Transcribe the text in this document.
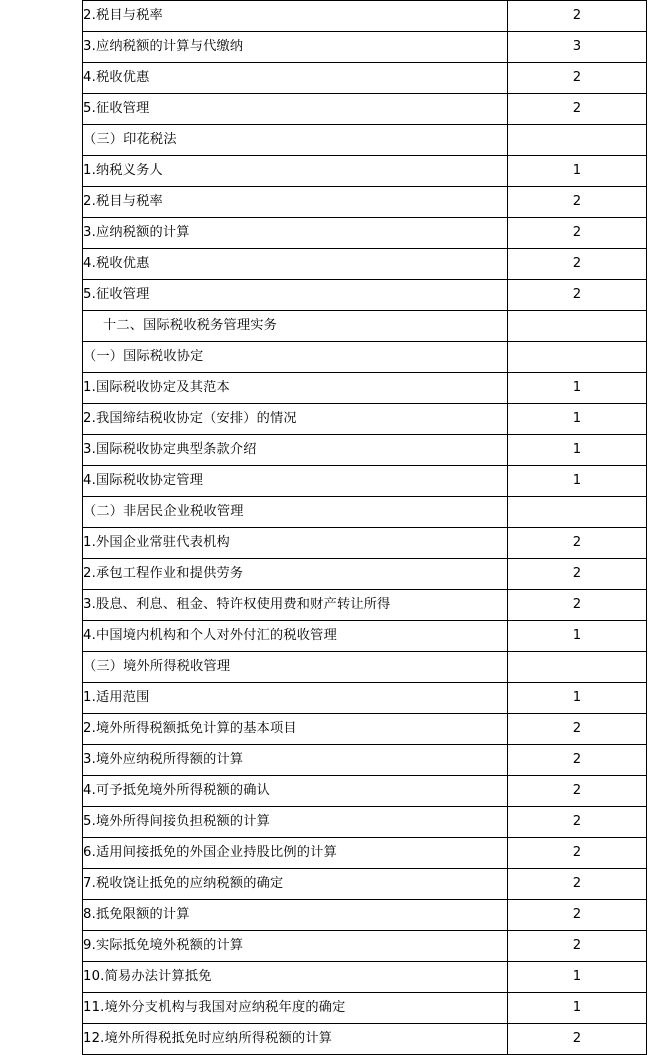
2.税目与税率	2
3.应纳税额的计算与代缴纳	3
4.税收优惠	2
5.征收管理	2
（三）印花税法	
1.纳税义务人	1
2.税目与税率	2
3.应纳税额的计算	2
4.税收优惠	2
5.征收管理	2
十二、国际税收税务管理实务	
（一）国际税收协定	
1.国际税收协定及其范本	1
2.我国缔结税收协定（安排）的情况	1
3.国际税收协定典型条款介绍	1
4.国际税收协定管理	1
（二）非居民企业税收管理	
1.外国企业常驻代表机构	2
2.承包工程作业和提供劳务	2
3.股息、利息、租金、特许权使用费和财产转让所得	2
4.中国境内机构和个人对外付汇的税收管理	1
（三）境外所得税收管理	
1.适用范围	1
2.境外所得税额抵免计算的基本项目	2
3.境外应纳税所得额的计算	2
4.可予抵免境外所得税额的确认	2
5.境外所得间接负担税额的计算	2
6.适用间接抵免的外国企业持股比例的计算	2
7.税收饶让抵免的应纳税额的确定	2
8.抵免限额的计算	2
9.实际抵免境外税额的计算	2
10.简易办法计算抵免	1
11.境外分支机构与我国对应纳税年度的确定	1
12.境外所得税抵免时应纳所得税额的计算	2
